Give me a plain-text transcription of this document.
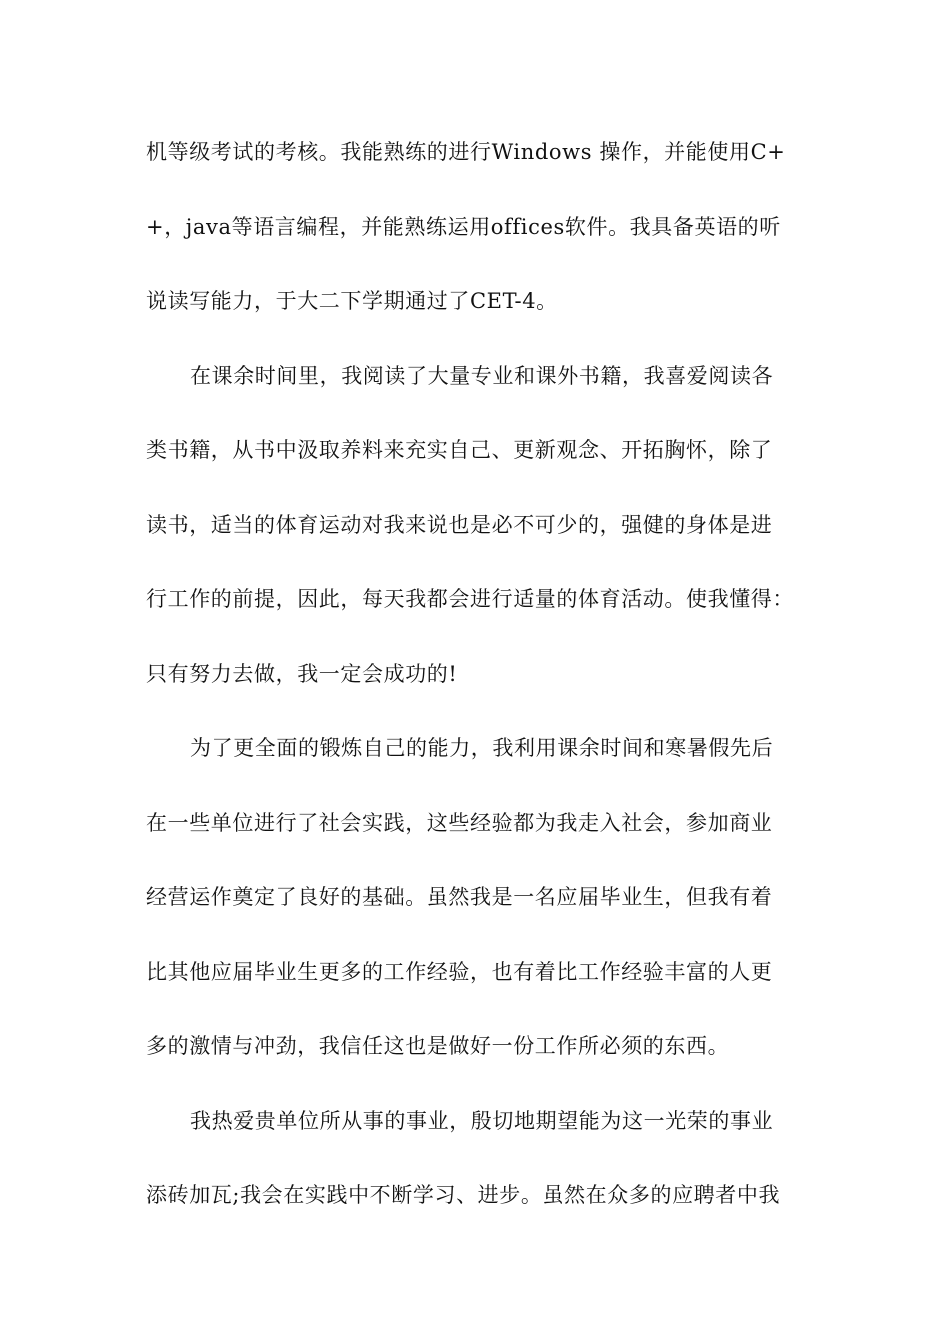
机等级考试的考核。我能熟练的进行Windows 操作，并能使用C+
+，java等语言编程，并能熟练运用offices软件。我具备英语的听
说读写能力，于大二下学期通过了CET-4。
在课余时间里，我阅读了大量专业和课外书籍，我喜爱阅读各
类书籍，从书中汲取养料来充实自己、更新观念、开拓胸怀，除了
读书，适当的体育运动对我来说也是必不可少的，强健的身体是进
行工作的前提，因此，每天我都会进行适量的体育活动。使我懂得：
只有努力去做，我一定会成功的!
为了更全面的锻炼自己的能力，我利用课余时间和寒暑假先后
在一些单位进行了社会实践，这些经验都为我走入社会，参加商业
经营运作奠定了良好的基础。虽然我是一名应届毕业生，但我有着
比其他应届毕业生更多的工作经验，也有着比工作经验丰富的人更
多的激情与冲劲，我信任这也是做好一份工作所必须的东西。
我热爱贵单位所从事的事业，殷切地期望能为这一光荣的事业
添砖加瓦;我会在实践中不断学习、进步。虽然在众多的应聘者中我
